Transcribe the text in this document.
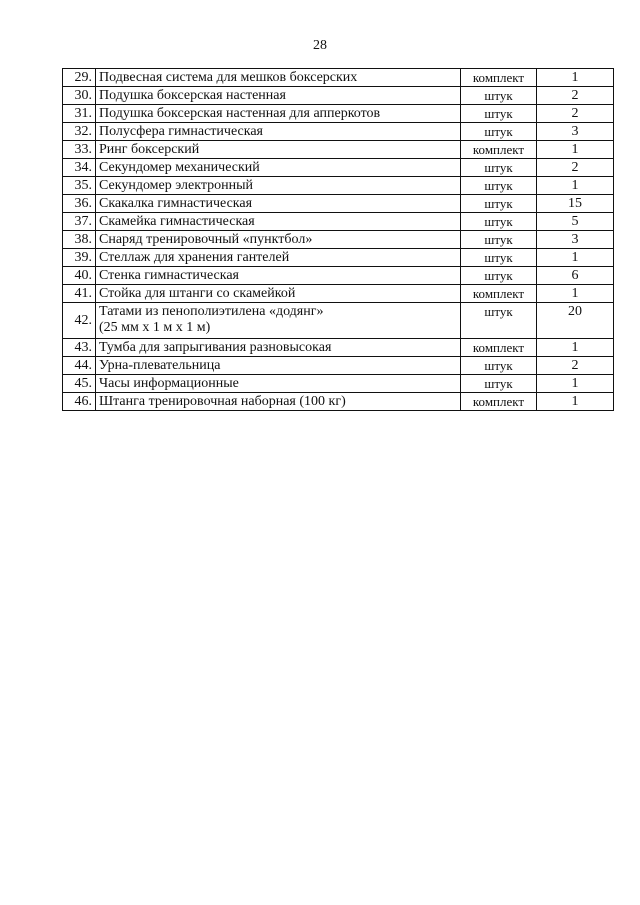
28
29.	Подвесная система для мешков боксерских	комплект	1
30.	Подушка боксерская настенная	штук	2
31.	Подушка боксерская настенная для апперкотов	штук	2
32.	Полусфера гимнастическая	штук	3
33.	Ринг боксерский	комплект	1
34.	Секундомер механический	штук	2
35.	Секундомер электронный	штук	1
36.	Скакалка гимнастическая	штук	15
37.	Скамейка гимнастическая	штук	5
38.	Снаряд тренировочный «пунктбол»	штук	3
39.	Стеллаж для хранения гантелей	штук	1
40.	Стенка гимнастическая	штук	6
41.	Стойка для штанги со скамейкой	комплект	1
42.	Татами из пенополиэтилена «додянг»
(25 мм х 1 м х 1 м)	штук	20
43.	Тумба для запрыгивания разновысокая	комплект	1
44.	Урна-плевательница	штук	2
45.	Часы информационные	штук	1
46.	Штанга тренировочная наборная (100 кг)	комплект	1
